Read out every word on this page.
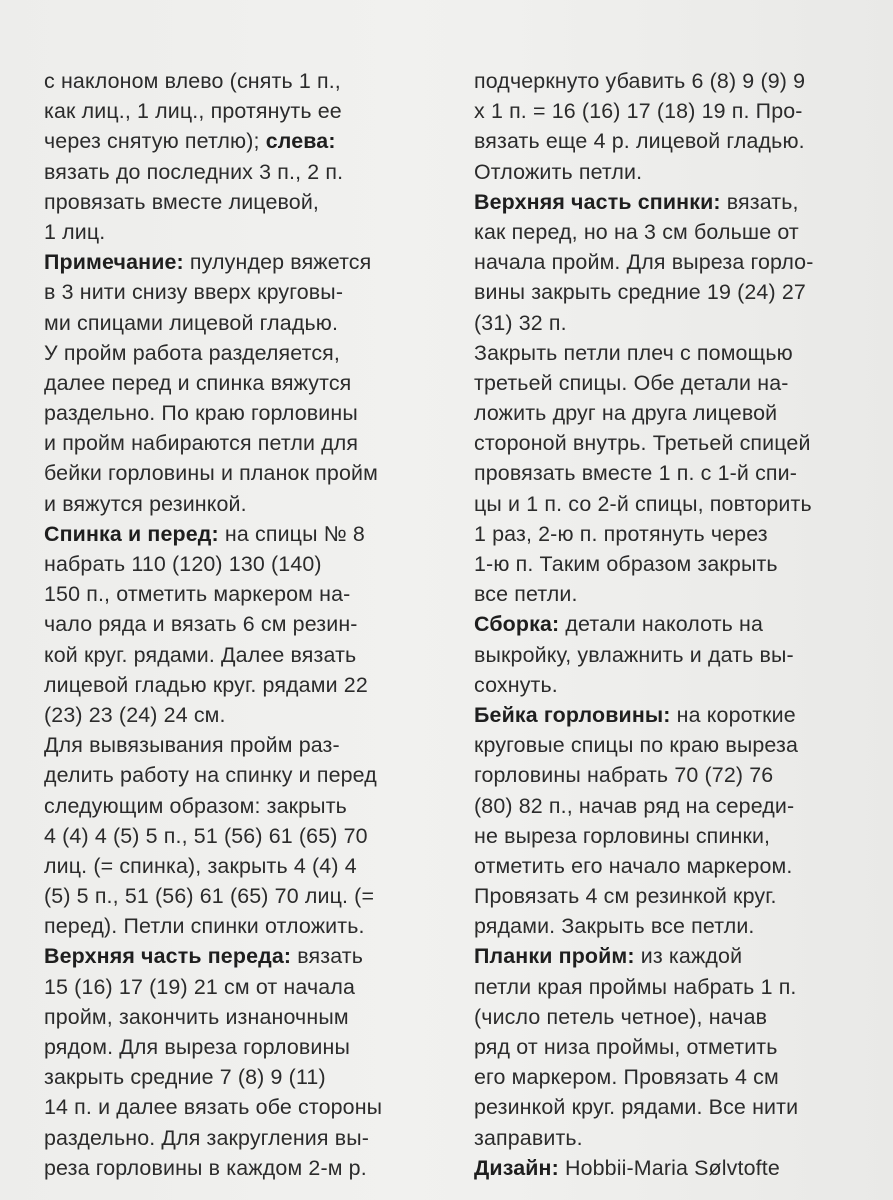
с наклоном влево (снять 1 п.,
как лиц., 1 лиц., протянуть ее
через снятую петлю); слева:
вязать до последних 3 п., 2 п.
провязать вместе лицевой,
1 лиц.
Примечание: пулундер вяжется
в 3 нити снизу вверх круговы-
ми спицами лицевой гладью.
У пройм работа разделяется,
далее перед и спинка вяжутся
раздельно. По краю горловины
и пройм набираются петли для
бейки горловины и планок пройм
и вяжутся резинкой.
Спинка и перед: на спицы № 8
набрать 110 (120) 130 (140)
150 п., отметить маркером на-
чало ряда и вязать 6 см резин-
кой круг. рядами. Далее вязать
лицевой гладью круг. рядами 22
(23) 23 (24) 24 см.
Для вывязывания пройм раз-
делить работу на спинку и перед
следующим образом: закрыть
4 (4) 4 (5) 5 п., 51 (56) 61 (65) 70
лиц. (= спинка), закрыть 4 (4) 4
(5) 5 п., 51 (56) 61 (65) 70 лиц. (=
перед). Петли спинки отложить.
Верхняя часть переда: вязать
15 (16) 17 (19) 21 см от начала
пройм, закончить изнаночным
рядом. Для выреза горловины
закрыть средние 7 (8) 9 (11)
14 п. и далее вязать обе стороны
раздельно. Для закругления вы-
реза горловины в каждом 2-м р.
подчеркнуто убавить 6 (8) 9 (9) 9
x 1 п. = 16 (16) 17 (18) 19 п. Про-
вязать еще 4 р. лицевой гладью.
Отложить петли.
Верхняя часть спинки: вязать,
как перед, но на 3 см больше от
начала пройм. Для выреза горло-
вины закрыть средние 19 (24) 27
(31) 32 п.
Закрыть петли плеч с помощью
третьей спицы. Обе детали на-
ложить друг на друга лицевой
стороной внутрь. Третьей спицей
провязать вместе 1 п. с 1-й спи-
цы и 1 п. со 2-й спицы, повторить
1 раз, 2-ю п. протянуть через
1-ю п. Таким образом закрыть
все петли.
Сборка: детали наколоть на
выкройку, увлажнить и дать вы-
сохнуть.
Бейка горловины: на короткие
круговые спицы по краю выреза
горловины набрать 70 (72) 76
(80) 82 п., начав ряд на середи-
не выреза горловины спинки,
отметить его начало маркером.
Провязать 4 см резинкой круг.
рядами. Закрыть все петли.
Планки пройм: из каждой
петли края проймы набрать 1 п.
(число петель четное), начав
ряд от низа проймы, отметить
его маркером. Провязать 4 см
резинкой круг. рядами. Все нити
заправить.
Дизайн: Hobbii-Maria Sølvtofte
